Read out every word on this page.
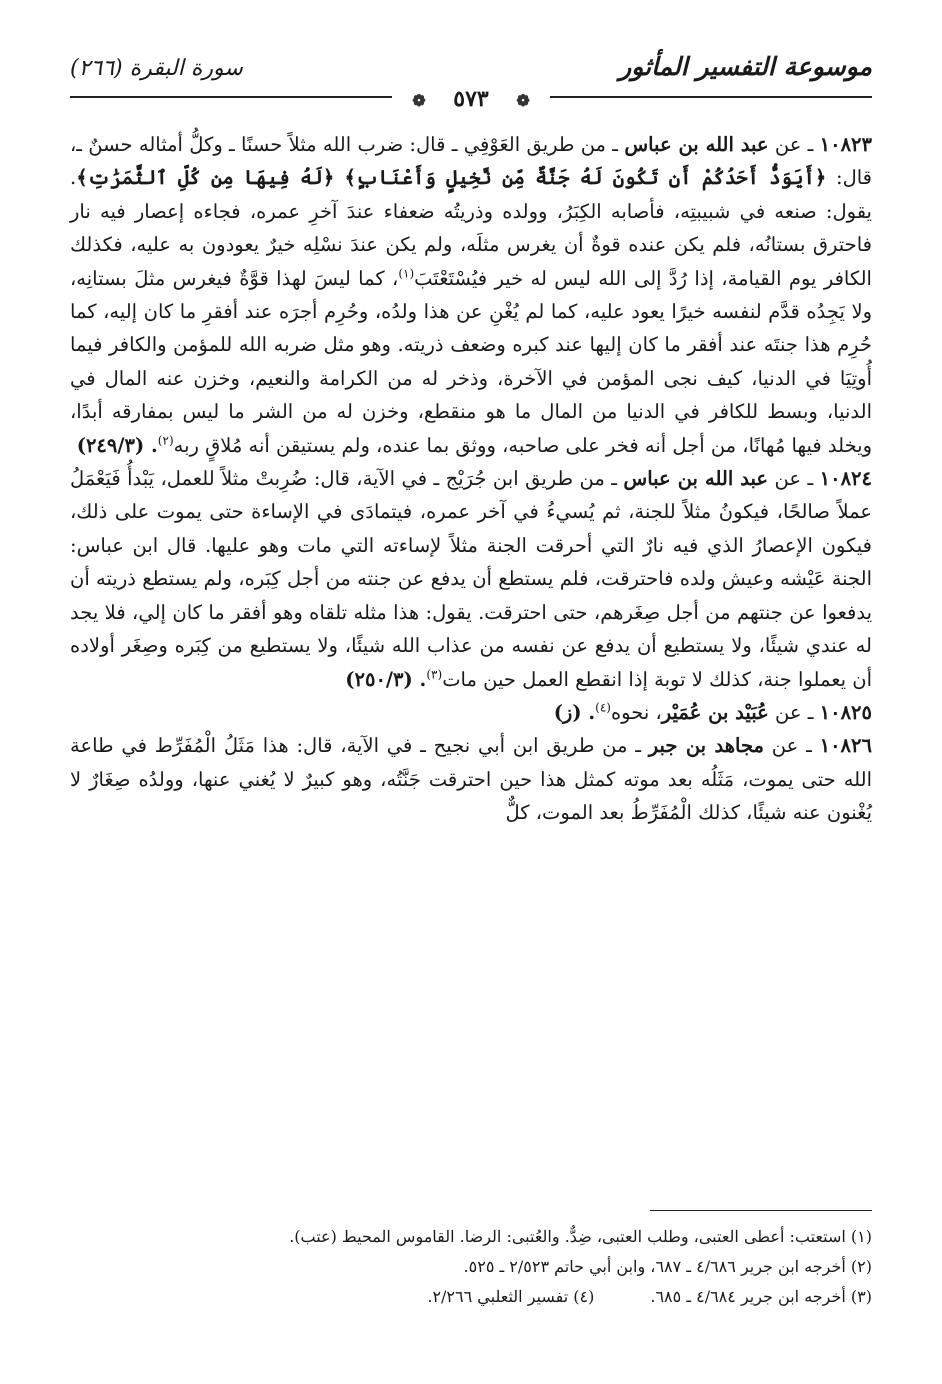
موسوعة التفسير المأثور
سورة البقرة (٢٦٦)
❁ ٥٧٣ ❁

١٠٨٢٣ ـ عن عبد الله بن عباس ـ من طريق العَوْفِي ـ قال: ضرب الله مثلاً حسنًا ـ وكلُّ أمثاله حسنٌ ـ، قال: ﴿أَيَوَدُّ أَحَدُكُمْ أَن تَكُونَ لَهُ جَنَّةٌ مِّن نَّخِيلٍ وَأَعْنَابٍ﴾ ﴿لَهُ فِيهَا مِن كُلِّ ٱلثَّمَرَٰتِ﴾. يقول: صنعه في شبيبتِه، فأصابه الكِبَرُ، وولده وذريتُه ضعفاء عندَ آخرِ عمره، فجاءه إعصار فيه نار فاحترق بستانُه، فلم يكن عنده قوةٌ أن يغرس مثلَه، ولم يكن عندَ نسْلِه خيرٌ يعودون به عليه، فكذلك الكافر يوم القيامة، إذا رُدَّ إلى الله ليس له خير فيُسْتَعْتَبَ$^{(١)}$، كما ليسَ لهذا قوَّةٌ فيغرس مثلَ بستانِه، ولا يَجِدُه قدَّم لنفسه خيرًا يعود عليه، كما لم يُغْنِ عن هذا ولدُه، وحُرِم أجرَه عند أفقرِ ما كان إليه، كما حُرِم هذا جنتَه عند أفقر ما كان إليها عند كبره وضعف ذريته. وهو مثل ضربه الله للمؤمن والكافر فيما أُوتِيَا في الدنيا، كيف نجى المؤمن في الآخرة، وذخر له من الكرامة والنعيم، وخزن عنه المال في الدنيا، وبسط للكافر في الدنيا من المال ما هو منقطع، وخزن له من الشر ما ليس بمفارقه أبدًا، ويخلد فيها مُهانًا، من أجل أنه فخر على صاحبه، ووثق بما عنده، ولم يستيقن أنه مُلاقٍ ربه$^{(٢)}$. (٢٤٩/٣)

١٠٨٢٤ ـ عن عبد الله بن عباس ـ من طريق ابن جُرَيْج ـ في الآية، قال: ضُرِبتْ مثلاً للعمل، يَبْدأُ فَيَعْمَلُ عملاً صالحًا، فيكونُ مثلاً للجنة، ثم يُسيءُ في آخر عمره، فيتمادَى في الإساءة حتى يموت على ذلك، فيكون الإعصارُ الذي فيه نارٌ التي أحرقت الجنة مثلاً لإساءته التي مات وهو عليها. قال ابن عباس: الجنة عَيْشه وعيش ولده فاحترقت، فلم يستطع أن يدفع عن جنته من أجل كِبَره، ولم يستطع ذريته أن يدفعوا عن جنتهم من أجل صِغَرهم، حتى احترقت. يقول: هذا مثله تلقاه وهو أفقر ما كان إلي، فلا يجد له عندي شيئًا، ولا يستطيع أن يدفع عن نفسه من عذاب الله شيئًا، ولا يستطيع من كِبَره وصِغَر أولاده أن يعملوا جنة، كذلك لا توبة إذا انقطع العمل حين مات$^{(٣)}$. (٢٥٠/٣)

١٠٨٢٥ ـ عن عُبَيْد بن عُمَيْر، نحوه$^{(٤)}$. (ز)

١٠٨٢٦ ـ عن مجاهد بن جبر ـ من طريق ابن أبي نجيح ـ في الآية، قال: هذا مَثَلُ الْمُفَرِّط في طاعة الله حتى يموت، مَثَلُه بعد موته كمثل هذا حين احترقت جَنَّتُه، وهو كبيرٌ لا يُغني عنها، وولدُه صِغَارٌ لا يُغْنون عنه شيئًا، كذلك الْمُفَرِّطُ بعد الموت، كلٌّ

(١) استعتب: أعطى العتبى، وطلب العتبى، ضِدٌّ. والعُتبى: الرضا. القاموس المحيط (عتب).

(٢) أخرجه ابن جرير ٤/٦٨٦ ـ ٦٨٧، وابن أبي حاتم ٢/٥٢٣ ـ ٥٢٥.

(٣) أخرجه ابن جرير ٤/٦٨٤ ـ ٦٨٥.

(٤) تفسير الثعلبي ٢/٢٦٦.
